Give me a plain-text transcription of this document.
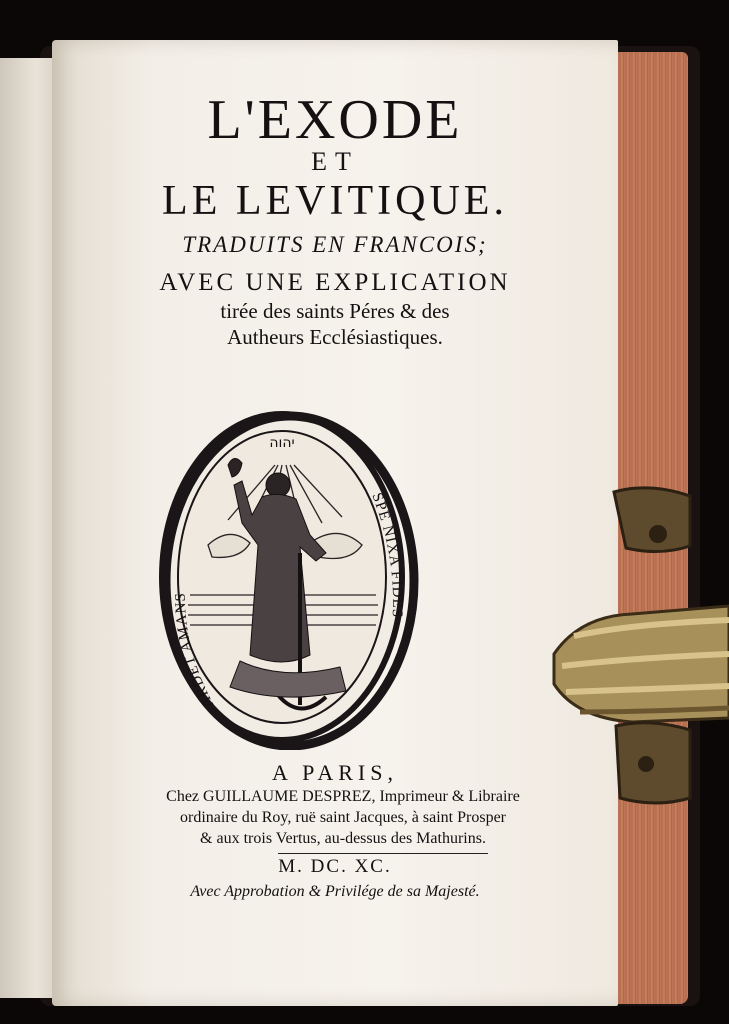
L'EXODE

ET

LE LEVITIQUE.

TRADUITS EN FRANCOIS;

AVEC UNE EXPLICATION

tirée des saints Péres & des

Autheurs Ecclésiastiques.

יהוה
ARDET AMANS
SPE NIXA FIDES

A PARIS,

Chez GUILLAUME DESPREZ, Imprimeur & Libraire

ordinaire du Roy, ruë saint Jacques, à saint Prosper

& aux trois Vertus, au-dessus des Mathurins.

M. DC. XC.

Avec Approbation & Privilége de sa Majesté.
